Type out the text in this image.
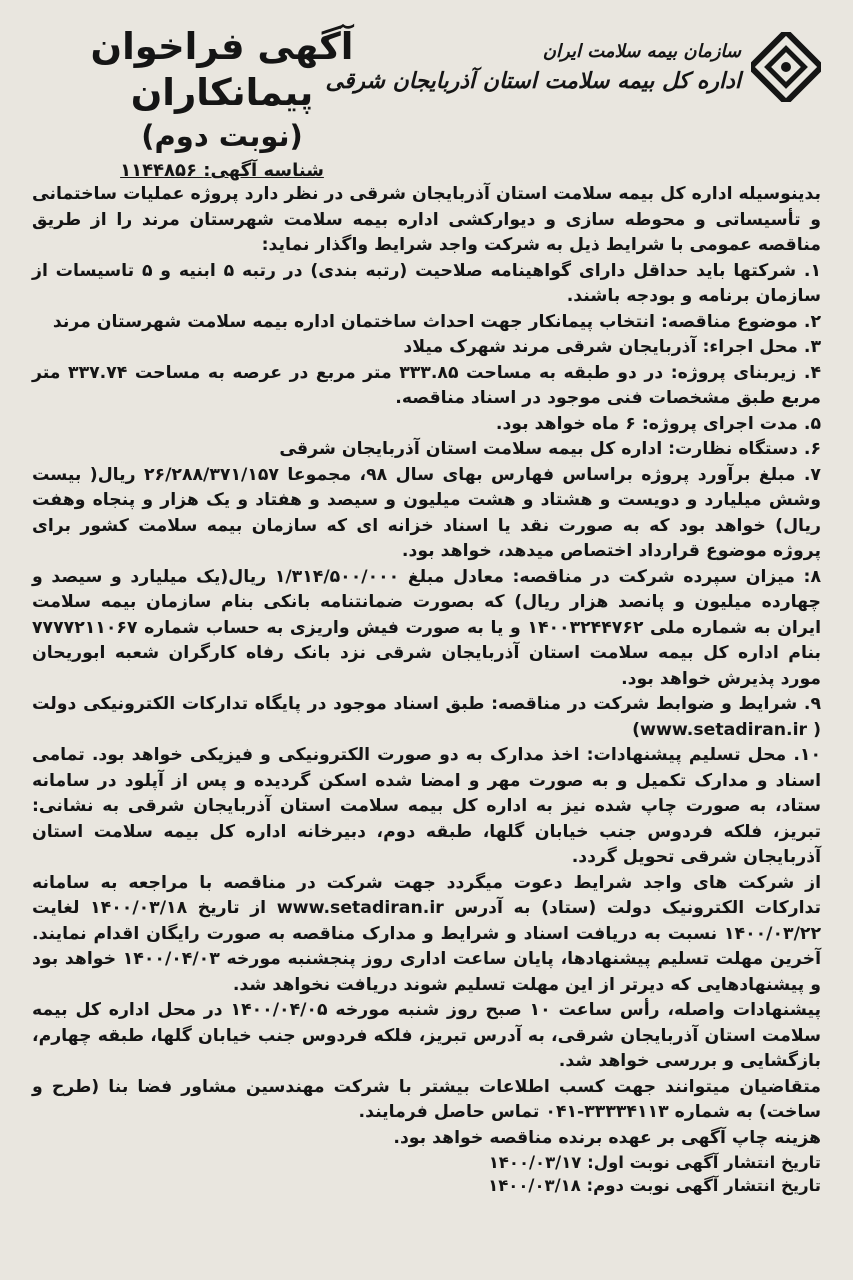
سازمان بیمه سلامت ایران
اداره کل بیمه سلامت استان آذربایجان شرقی
آگهی فراخوان پیمانکاران
(نوبت دوم)
شناسه آگهی: ۱۱۴۴۸۵۶

بدینوسیله اداره کل بیمه سلامت استان آذربایجان شرقی در نظر دارد پروژه عملیات ساختمانی و تأسیساتی و محوطه سازی و دیوارکشی اداره بیمه سلامت شهرستان مرند را از طریق مناقصه عمومی با شرایط ذیل به شرکت واجد شرایط واگذار نماید:

۱. شرکتها باید حداقل دارای گواهینامه صلاحیت (رتبه بندی) در رتبه ۵ ابنیه و ۵ تاسیسات از سازمان برنامه و بودجه باشند.

۲. موضوع مناقصه: انتخاب پیمانکار جهت احداث ساختمان اداره بیمه سلامت شهرستان مرند

۳. محل اجراء: آذربایجان شرقی مرند شهرک میلاد

۴. زیربنای پروژه: در دو طبقه به مساحت ۳۳۳.۸۵ متر مربع در عرصه به مساحت ۳۳۷.۷۴ متر مربع طبق مشخصات فنی موجود در اسناد مناقصه.

۵. مدت اجرای پروژه: ۶ ماه خواهد بود.

۶. دستگاه نظارت: اداره کل بیمه سلامت استان آذربایجان شرقی

۷. مبلغ برآورد پروژه براساس فهارس بهای سال ۹۸، مجموعا ۲۶/۲۸۸/۳۷۱/۱۵۷ ریال( بیست وشش میلیارد و دویست و هشتاد و هشت میلیون و سیصد و هفتاد و یک هزار و پنجاه وهفت ریال) خواهد بود که به صورت نقد یا اسناد خزانه ای که سازمان بیمه سلامت کشور برای پروژه موضوع قرارداد اختصاص میدهد، خواهد بود.

۸: میزان سپرده شرکت در مناقصه: معادل مبلغ ۱/۳۱۴/۵۰۰/۰۰۰ ریال(یک میلیارد و سیصد و چهارده میلیون و پانصد هزار ریال) که بصورت ضمانتنامه بانکی بنام سازمان بیمه سلامت ایران به شماره ملی ۱۴۰۰۳۲۴۴۷۶۲ و یا به صورت فیش واریزی به حساب شماره ۷۷۷۷۲۱۱۰۶۷ بنام اداره کل بیمه سلامت استان آذربایجان شرقی نزد بانک رفاه کارگران شعبه ابوریحان مورد پذیرش خواهد بود.

۹. شرایط و ضوابط شرکت در مناقصه: طبق اسناد موجود در پایگاه تدارکات الکترونیکی دولت ( www.setadiran.ir)

۱۰. محل تسلیم پیشنهادات: اخذ مدارک به دو صورت الکترونیکی و فیزیکی خواهد بود. تمامی اسناد و مدارک تکمیل و به صورت مهر و امضا شده اسکن گردیده و پس از آپلود در سامانه ستاد، به صورت چاپ شده نیز به اداره کل بیمه سلامت استان آذربایجان شرقی به نشانی: تبریز، فلکه فردوس جنب خیابان گلها، طبقه دوم، دبیرخانه اداره کل بیمه سلامت استان آذربایجان شرقی تحویل گردد.

از شرکت های واجد شرایط دعوت میگردد جهت شرکت در مناقصه با مراجعه به سامانه تدارکات الکترونیک دولت (ستاد) به آدرس www.setadiran.ir از تاریخ ۱۴۰۰/۰۳/۱۸ لغایت ۱۴۰۰/۰۳/۲۲ نسبت به دریافت اسناد و شرایط و مدارک مناقصه به صورت رایگان اقدام نمایند. آخرین مهلت تسلیم پیشنهادها، پایان ساعت اداری روز پنجشنبه مورخه ۱۴۰۰/۰۴/۰۳ خواهد بود و پیشنهادهایی که دیرتر از این مهلت تسلیم شوند دریافت نخواهد شد.

پیشنهادات واصله، رأس ساعت ۱۰ صبح روز شنبه مورخه ۱۴۰۰/۰۴/۰۵ در محل اداره کل بیمه سلامت استان آذربایجان شرقی، به آدرس تبریز، فلکه فردوس جنب خیابان گلها، طبقه چهارم، بازگشایی و بررسی خواهد شد.

متقاضیان میتوانند جهت کسب اطلاعات بیشتر با شرکت مهندسین مشاور فضا بنا (طرح و ساخت) به شماره ۳۳۳۳۴۱۱۳-۰۴۱ تماس حاصل فرمایند.

هزینه چاپ آگهی بر عهده برنده مناقصه خواهد بود.

تاریخ انتشار آگهی نوبت اول: ۱۴۰۰/۰۳/۱۷
تاریخ انتشار آگهی نوبت دوم: ۱۴۰۰/۰۳/۱۸
